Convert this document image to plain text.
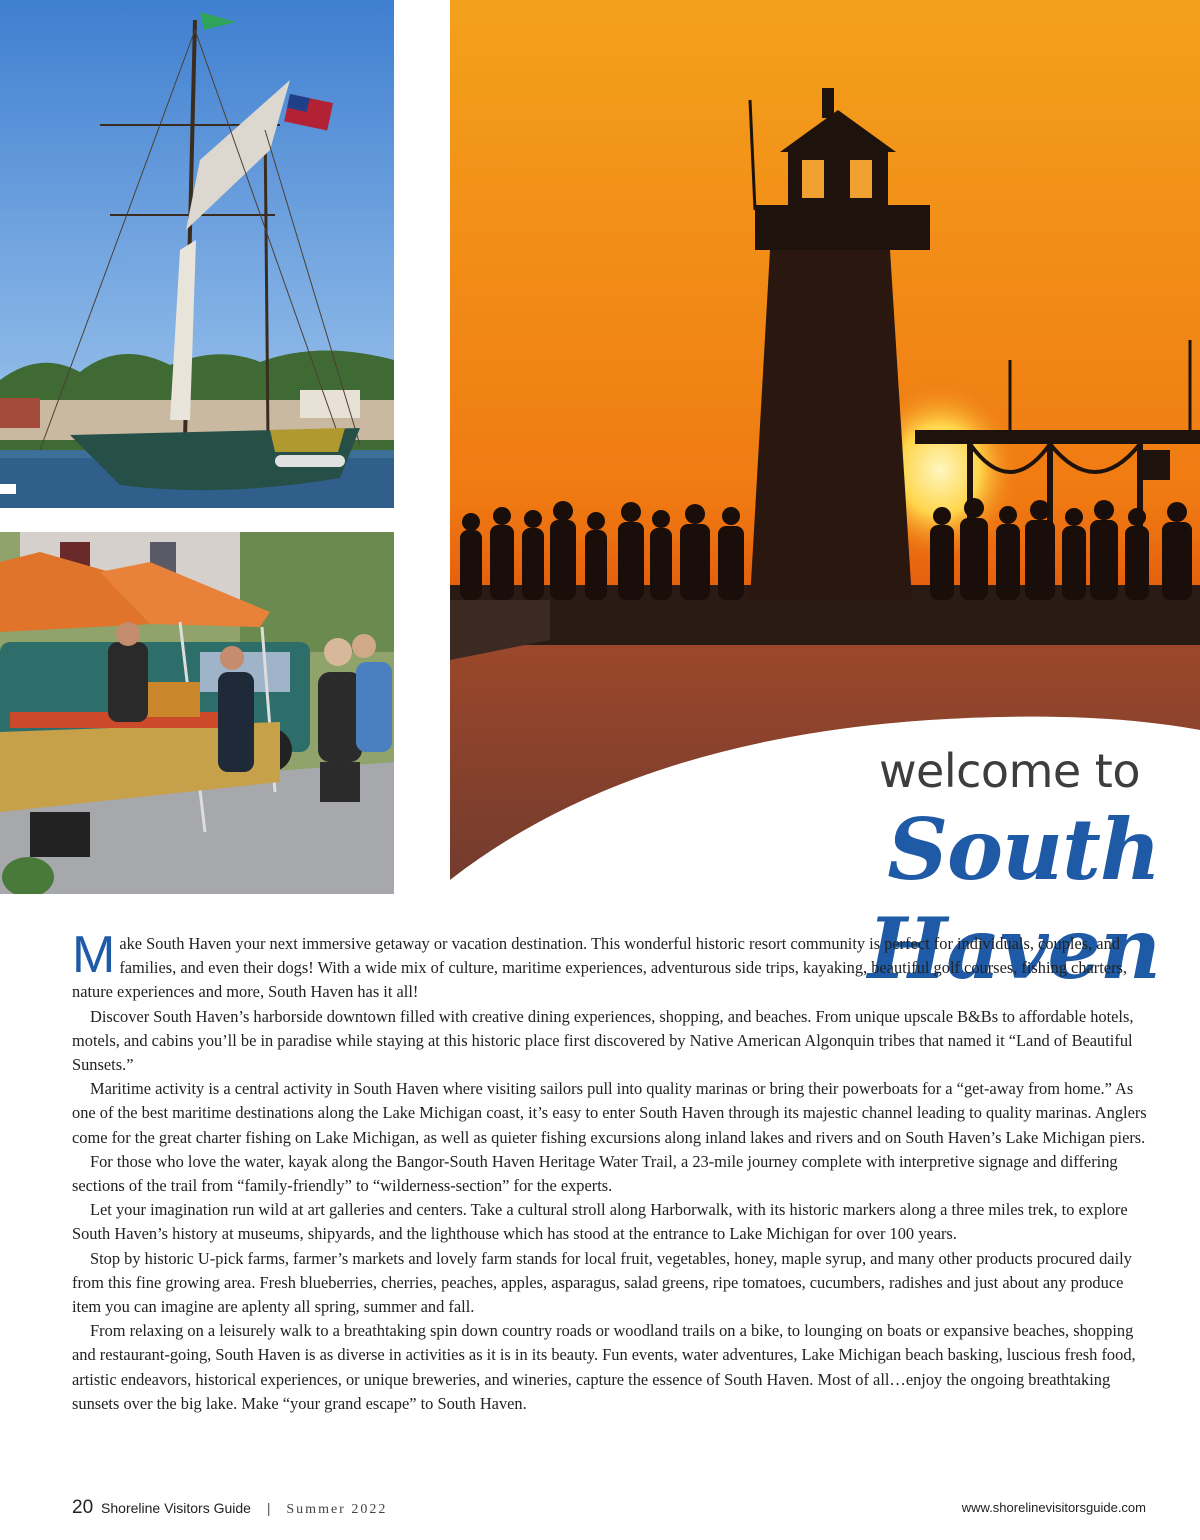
welcome to
South Haven

Make South Haven your next immersive getaway or vacation destination. This wonderful historic resort community is perfect for individuals, couples, and families, and even their dogs! With a wide mix of culture, maritime experiences, adventurous side trips, kayaking, beautiful golf courses, fishing charters, nature experiences and more, South Haven has it all!

Discover South Haven’s harborside downtown filled with creative dining experiences, shopping, and beaches. From unique upscale B&Bs to affordable hotels, motels, and cabins you’ll be in paradise while staying at this historic place first discovered by Native American Algonquin tribes that named it “Land of Beautiful Sunsets.”

Maritime activity is a central activity in South Haven where visiting sailors pull into quality marinas or bring their powerboats for a “get-away from home.” As one of the best maritime destinations along the Lake Michigan coast, it’s easy to enter South Haven through its majestic channel leading to quality marinas. Anglers come for the great charter fishing on Lake Michigan, as well as quieter fishing excursions along inland lakes and rivers and on South Haven’s Lake Michigan piers.

For those who love the water, kayak along the Bangor-South Haven Heritage Water Trail, a 23-mile journey complete with interpretive signage and differing sections of the trail from “family-friendly” to “wilderness-section” for the experts.

Let your imagination run wild at art galleries and centers. Take a cultural stroll along Harborwalk, with its historic markers along a three miles trek, to explore South Haven’s history at museums, shipyards, and the lighthouse which has stood at the entrance to Lake Michigan for over 100 years.

Stop by historic U-pick farms, farmer’s markets and lovely farm stands for local fruit, vegetables, honey, maple syrup, and many other products procured daily from this fine growing area. Fresh blueberries, cherries, peaches, apples, asparagus, salad greens, ripe tomatoes, cucumbers, radishes and just about any produce item you can imagine are aplenty all spring, summer and fall.

From relaxing on a leisurely walk to a breathtaking spin down country roads or woodland trails on a bike, to lounging on boats or expansive beaches, shopping and restaurant-going, South Haven is as diverse in activities as it is in its beauty. Fun events, water adventures, Lake Michigan beach basking, luscious fresh food, artistic endeavors, historical experiences, or unique breweries, and wineries, capture the essence of South Haven. Most of all…enjoy the ongoing breathtaking sunsets over the big lake. Make “your grand escape” to South Haven.

20 Shoreline Visitors Guide | Summer 2022	www.shorelinevisitorsguide.com
